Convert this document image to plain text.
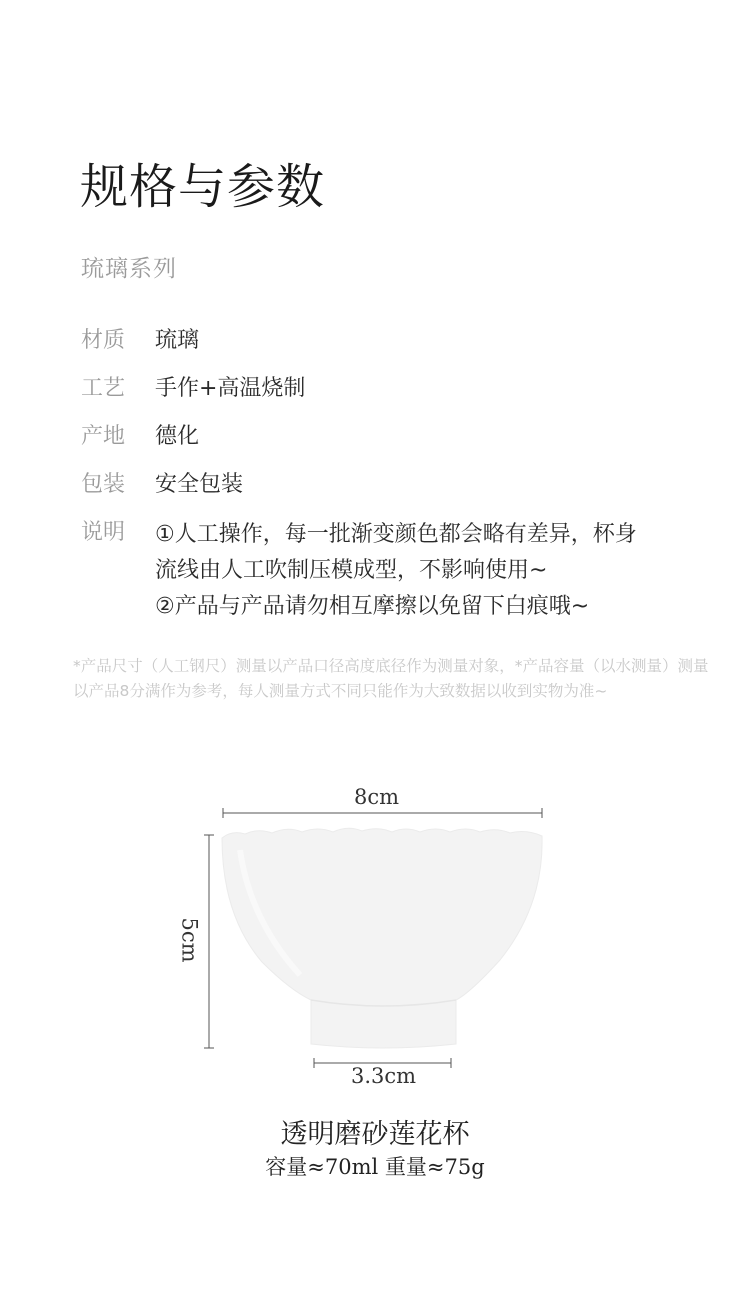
规格与参数
琉璃系列
材质	琉璃
工艺	手作+高温烧制
产地	德化
包装	安全包装
说明	①人工操作，每一批渐变颜色都会略有差异，杯身
流线由人工吹制压模成型，不影响使用~
②产品与产品请勿相互摩擦以免留下白痕哦~
*产品尺寸（人工钢尺）测量以产品口径高度底径作为测量对象，*产品容量（以水测量）测量以产品8分满作为参考，每人测量方式不同只能作为大致数据以收到实物为准~
8cm
5cm
3.3cm
透明磨砂莲花杯
容量≈70ml 重量≈75g
